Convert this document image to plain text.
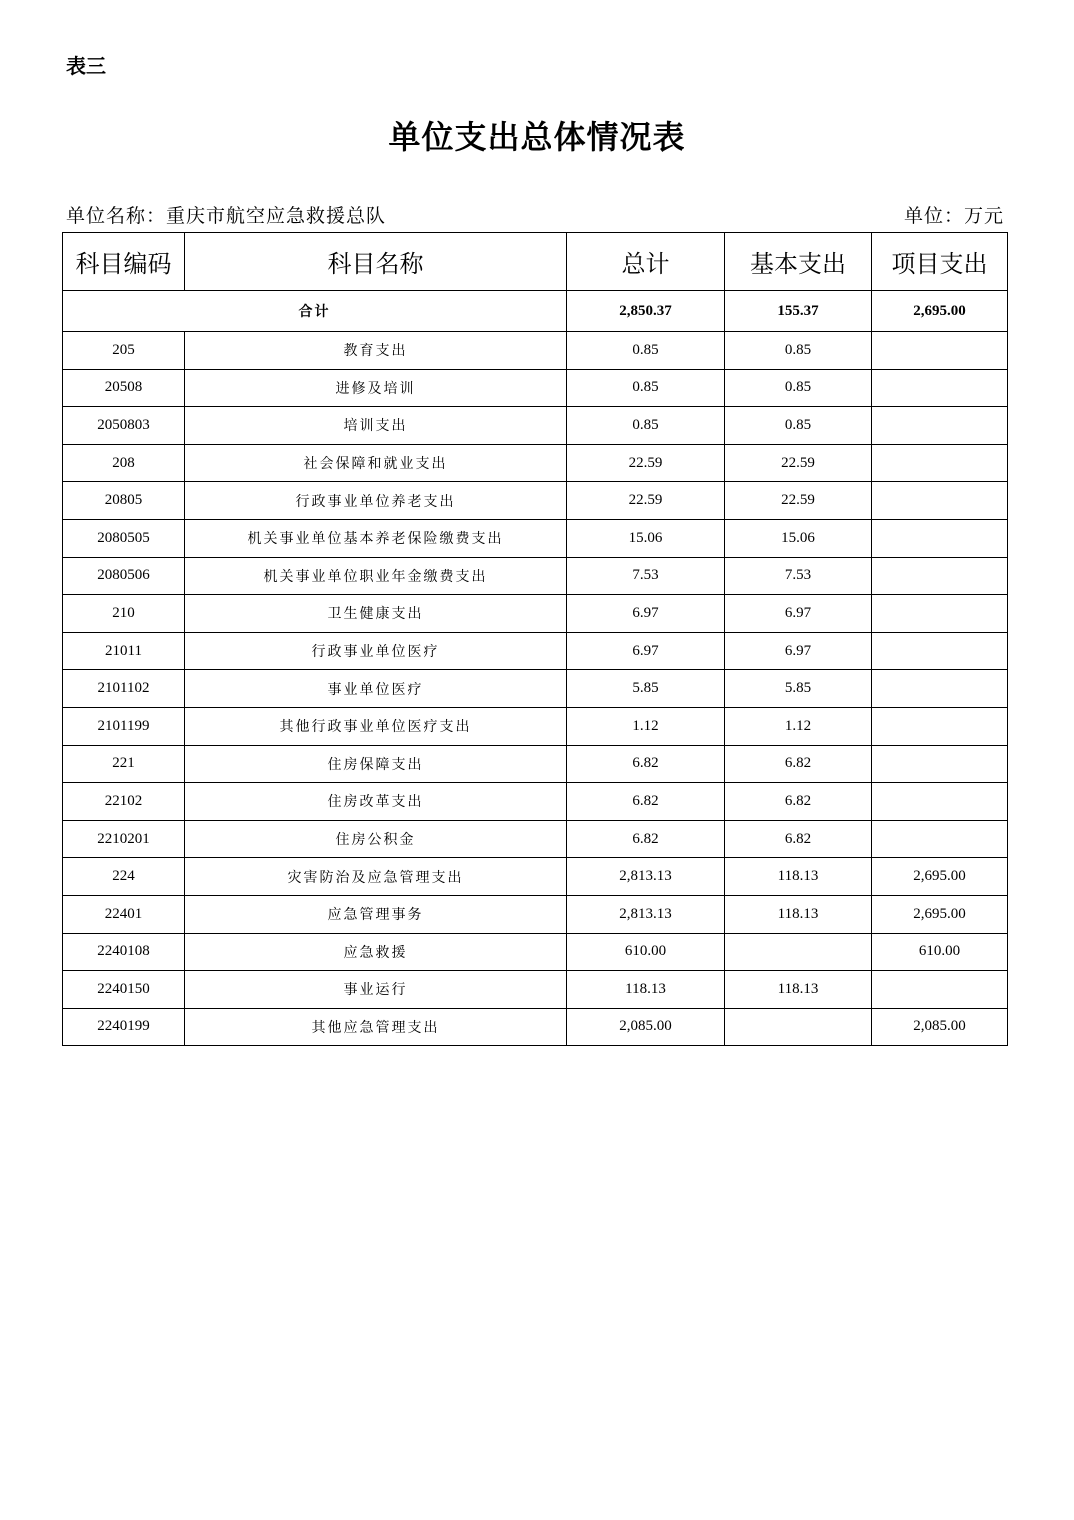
表三
单位支出总体情况表
单位名称：重庆市航空应急救援总队	单位：万元
科目编码	科目名称	总计	基本支出	项目支出
合计		2,850.37	155.37	2,695.00
205	教育支出	0.85	0.85	
20508	进修及培训	0.85	0.85	
2050803	培训支出	0.85	0.85	
208	社会保障和就业支出	22.59	22.59	
20805	行政事业单位养老支出	22.59	22.59	
2080505	机关事业单位基本养老保险缴费支出	15.06	15.06	
2080506	机关事业单位职业年金缴费支出	7.53	7.53	
210	卫生健康支出	6.97	6.97	
21011	行政事业单位医疗	6.97	6.97	
2101102	事业单位医疗	5.85	5.85	
2101199	其他行政事业单位医疗支出	1.12	1.12	
221	住房保障支出	6.82	6.82	
22102	住房改革支出	6.82	6.82	
2210201	住房公积金	6.82	6.82	
224	灾害防治及应急管理支出	2,813.13	118.13	2,695.00
22401	应急管理事务	2,813.13	118.13	2,695.00
2240108	应急救援	610.00		610.00
2240150	事业运行	118.13	118.13	
2240199	其他应急管理支出	2,085.00		2,085.00
